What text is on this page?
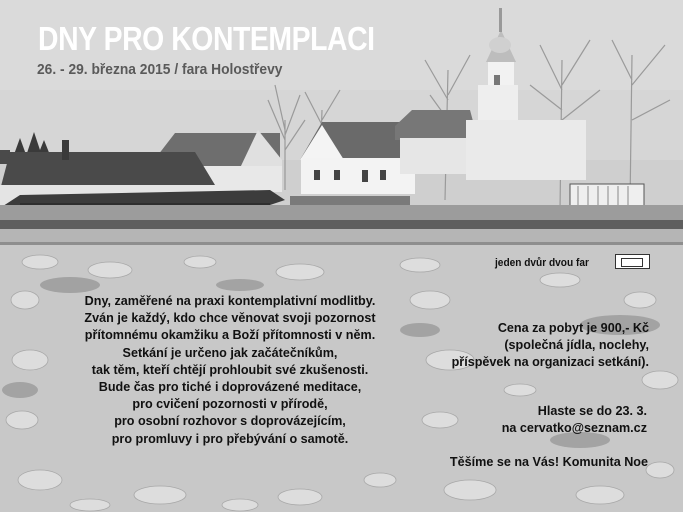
DNY PRO KONTEMPLACI
26. - 29. března 2015 / fara Holostřevy
jeden dvůr dvou far
Dny, zaměřené na praxi kontemplativní modlitby.
Zván je každý, kdo chce věnovat svoji pozornost
přítomnému okamžiku a Boží přítomnosti v něm.
Setkání je určeno jak začátečníkům,
tak těm, kteří chtějí prohloubit své zkušenosti.
Bude čas pro tiché i doprovázené meditace,
pro cvičení pozornosti v přírodě,
pro osobní rozhovor s doprovázejícím,
pro promluvy i pro přebývání o samotě.
Cena za pobyt je 900,- Kč
(společná jídla, noclehy,
příspěvek na organizaci setkání).
Hlaste se do 23. 3.
na cervatko@seznam.cz
Těšíme se na Vás! Komunita Noe
